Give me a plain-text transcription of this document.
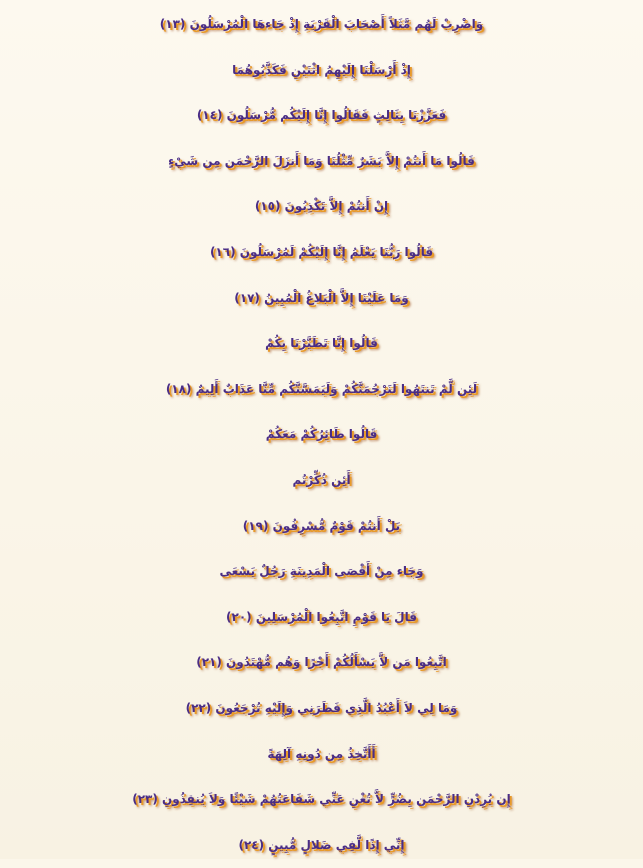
وَاضْرِبْ لَهُم مَّثَلاً أَصْحَابَ الْقَرْيَةِ إِذْ جَاءهَا الْمُرْسَلُونَ (١٣)
إِذْ أَرْسَلْنَا إِلَيْهِمُ اثْنَيْنِ فَكَذَّبُوهُمَا
فَعَزَّزْنَا بِثَالِثٍ فَقَالُوا إِنَّا إِلَيْكُم مُّرْسَلُونَ (١٤)
قَالُوا مَا أَنتُمْ إِلاَّ بَشَرٌ مِّثْلُنَا وَمَا أَنزَلَ الرَّحْمَن مِن شَيْءٍ
إِنْ أَنتُمْ إِلاَّ تَكْذِبُونَ (١٥)
قَالُوا رَبُّنَا يَعْلَمُ إِنَّا إِلَيْكُمْ لَمُرْسَلُونَ (١٦)
وَمَا عَلَيْنَا إِلاَّ الْبَلاغُ الْمُبِينُ (١٧)
قَالُوا إِنَّا تَطَيَّرْنَا بِكُمْ
لَئِن لَّمْ تَنتَهُوا لَنَرْجُمَنَّكُمْ وَلَيَمَسَّنَّكُم مِّنَّا عَذَابٌ أَلِيمٌ (١٨)
قَالُوا طَائِرُكُمْ مَعَكُمْ
أَئِن ذُكِّرْتُم
بَلْ أَنتُمْ قَوْمٌ مُّسْرِفُونَ (١٩)
وَجَاء مِنْ أَقْصَى الْمَدِينَةِ رَجُلٌ يَسْعَى
قَالَ يَا قَوْمِ اتَّبِعُوا الْمُرْسَلِينَ (٢٠)
اتَّبِعُوا مَن لاَّ يَسْأَلُكُمْ أَجْرًا وَهُم مُّهْتَدُونَ (٢١)
وَمَا لِي لاَ أَعْبُدُ الَّذِي فَطَرَنِي وَإِلَيْهِ تُرْجَعُونَ (٢٢)
أَأَتَّخِذُ مِن دُونِهِ آلِهَةً
إِن يُرِدْنِ الرَّحْمَن بِضُرٍّ لاَّ تُغْنِ عَنِّي شَفَاعَتُهُمْ شَيْئًا وَلاَ يُنقِذُونِ (٢٣)
إِنِّي إِذًا لَّفِي ضَلالٍ مُّبِينٍ (٢٤)
